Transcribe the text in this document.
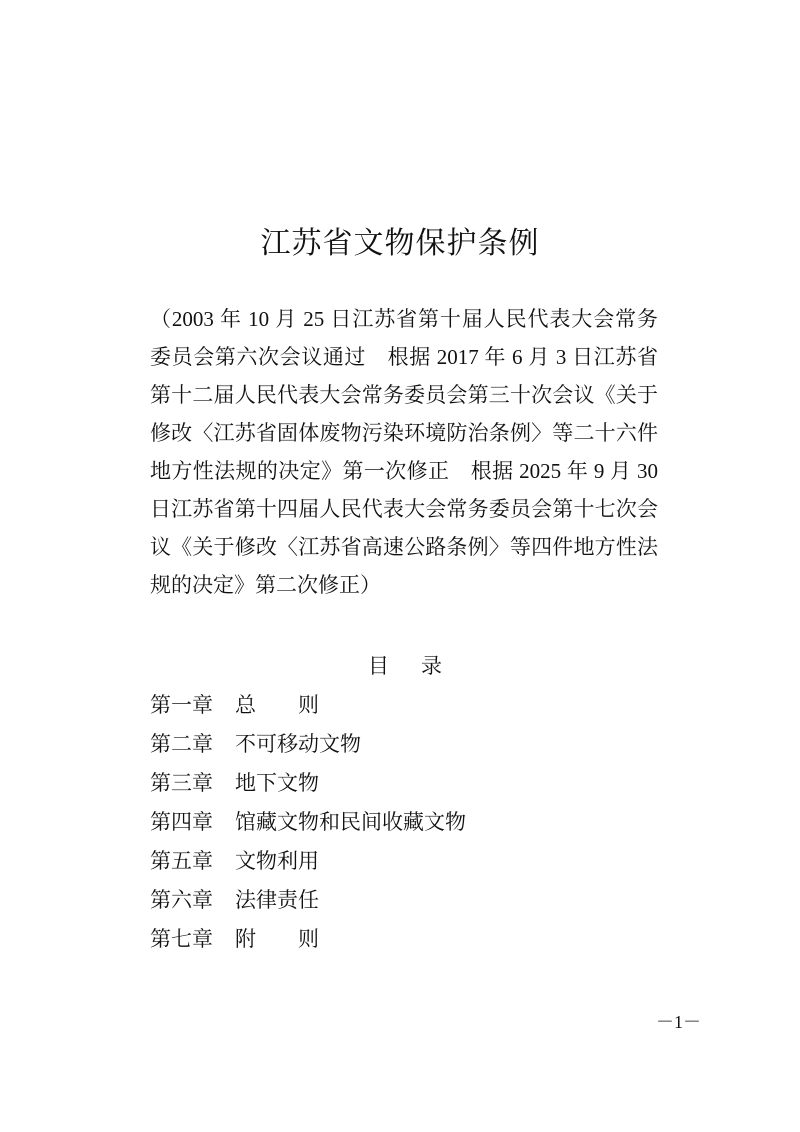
江苏省文物保护条例
（2003 年 10 月 25 日江苏省第十届人民代表大会常务
委员会第六次会议通过　根据 2017 年 6 月 3 日江苏省
第十二届人民代表大会常务委员会第三十次会议《关于
修改〈江苏省固体废物污染环境防治条例〉等二十六件
地方性法规的决定》第一次修正　根据 2025 年 9 月 30
日江苏省第十四届人民代表大会常务委员会第十七次会
议《关于修改〈江苏省高速公路条例〉等四件地方性法
规的决定》第二次修正）
目 录
第一章 总　　则
第二章 不可移动文物
第三章 地下文物
第四章 馆藏文物和民间收藏文物
第五章 文物利用
第六章 法律责任
第七章 附　　则
－1－
